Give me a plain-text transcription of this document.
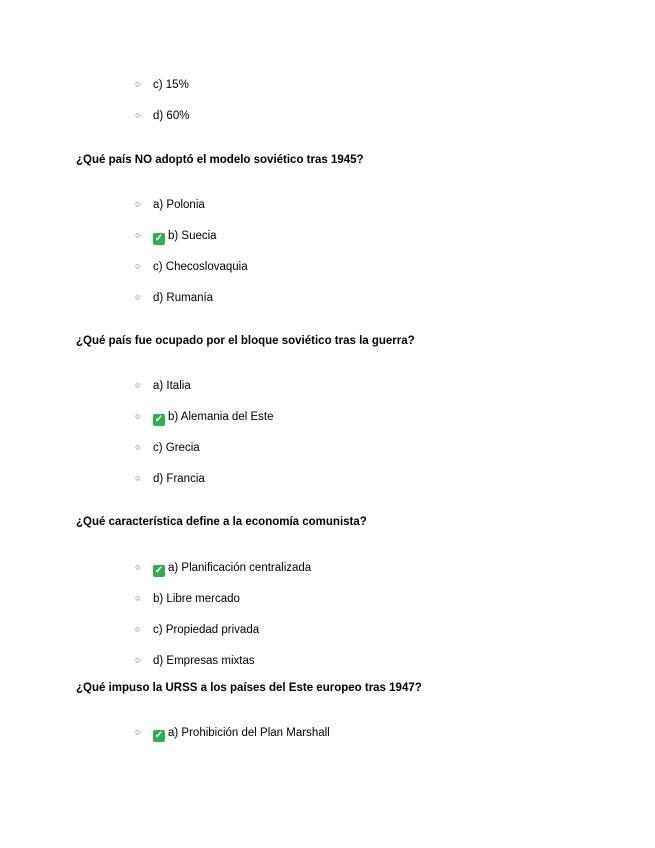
○ c) 15%
○ d) 60%
¿Qué país NO adoptó el modelo soviético tras 1945?
○ a) Polonia
○ ✓ b) Suecia
○ c) Checoslovaquia
○ d) Rumanía
¿Qué país fue ocupado por el bloque soviético tras la guerra?
○ a) Italia
○ ✓ b) Alemania del Este
○ c) Grecia
○ d) Francia
¿Qué característica define a la economía comunista?
○ ✓ a) Planificación centralizada
○ b) Libre mercado
○ c) Propiedad privada
○ d) Empresas mixtas
¿Qué impuso la URSS a los países del Este europeo tras 1947?
○ ✓ a) Prohibición del Plan Marshall
